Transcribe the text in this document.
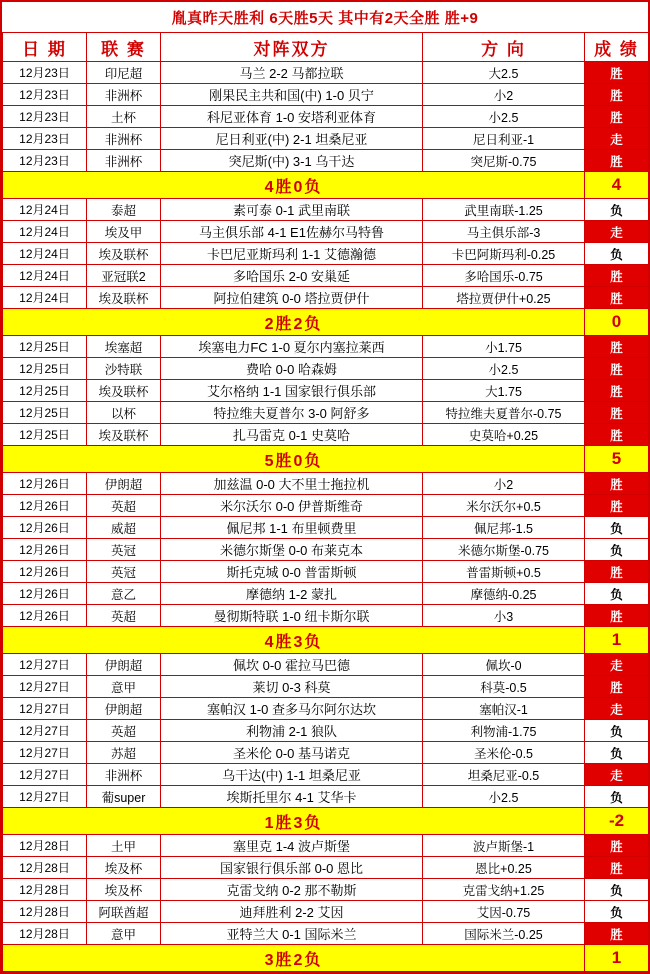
胤真昨天胜利 6天胜5天 其中有2天全胜 胜+9
日 期	联 赛	对阵双方	方 向	成 绩
12月23日	印尼超	马兰 2-2 马都拉联	大2.5	胜
12月23日	非洲杯	刚果民主共和国(中) 1-0 贝宁	小2	胜
12月23日	土杯	科尼亚体育 1-0 安塔利亚体育	小2.5	胜
12月23日	非洲杯	尼日利亚(中) 2-1 坦桑尼亚	尼日利亚-1	走
12月23日	非洲杯	突尼斯(中) 3-1 乌干达	突尼斯-0.75	胜
4胜0负				4
12月24日	泰超	素可泰 0-1 武里南联	武里南联-1.25	负
12月24日	埃及甲	马主俱乐部 4-1 E1佐赫尔马特鲁	马主俱乐部-3	走
12月24日	埃及联杯	卡巴尼亚斯玛利 1-1 艾德瀚德	卡巴阿斯玛利-0.25	负
12月24日	亚冠联2	多哈国乐 2-0 安巢延	多哈国乐-0.75	胜
12月24日	埃及联杯	阿拉伯建筑 0-0 塔拉贾伊什	塔拉贾伊什+0.25	胜
2胜2负				0
12月25日	埃塞超	埃塞电力FC 1-0 夏尔内塞拉莱西	小1.75	胜
12月25日	沙特联	费哈 0-0 哈森姆	小2.5	胜
12月25日	埃及联杯	艾尔格纳 1-1 国家银行俱乐部	大1.75	胜
12月25日	以杯	特拉维夫夏普尔 3-0 阿舒多	特拉维夫夏普尔-0.75	胜
12月25日	埃及联杯	扎马雷克 0-1 史莫哈	史莫哈+0.25	胜
5胜0负				5
12月26日	伊朗超	加兹温 0-0 大不里士拖拉机	小2	胜
12月26日	英超	米尔沃尔 0-0 伊普斯维奇	米尔沃尔+0.5	胜
12月26日	威超	佩尼邦 1-1 布里顿费里	佩尼邦-1.5	负
12月26日	英冠	米德尔斯堡 0-0 布莱克本	米德尔斯堡-0.75	负
12月26日	英冠	斯托克城 0-0 普雷斯顿	普雷斯顿+0.5	胜
12月26日	意乙	摩德纳 1-2 蒙扎	摩德纳-0.25	负
12月26日	英超	曼彻斯特联 1-0 纽卡斯尔联	小3	胜
4胜3负				1
12月27日	伊朗超	佩坎 0-0 霍拉马巴德	佩坎-0	走
12月27日	意甲	莱切 0-3 科莫	科莫-0.5	胜
12月27日	伊朗超	塞帕汉 1-0 查多马尔阿尔达坎	塞帕汉-1	走
12月27日	英超	利物浦 2-1 狼队	利物浦-1.75	负
12月27日	苏超	圣米伦 0-0 基马诺克	圣米伦-0.5	负
12月27日	非洲杯	乌干达(中) 1-1 坦桑尼亚	坦桑尼亚-0.5	走
12月27日	葡super	埃斯托里尔 4-1 艾华卡	小2.5	负
1胜3负				-2
12月28日	土甲	塞里克 1-4 波卢斯堡	波卢斯堡-1	胜
12月28日	埃及杯	国家银行俱乐部 0-0 恩比	恩比+0.25	胜
12月28日	埃及杯	克雷戈纳 0-2 那不勒斯	克雷戈纳+1.25	负
12月28日	阿联酋超	迪拜胜利 2-2 艾因	艾因-0.75	负
12月28日	意甲	亚特兰大 0-1 国际米兰	国际米兰-0.25	胜
3胜2负				1
